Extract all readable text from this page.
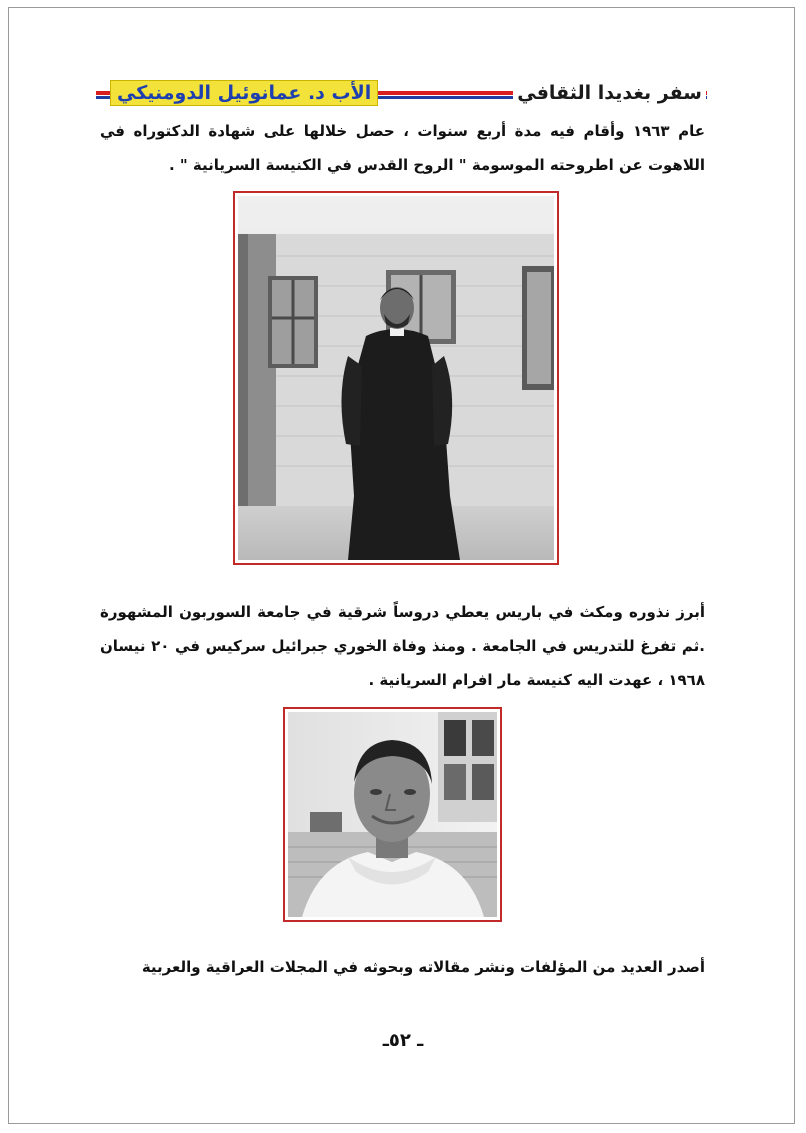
سفر بغديدا الثقافي
الأب د. عمانوئيل الدومنيكي

عام ١٩٦٣ وأقام فيه مدة أربع سنوات ، حصل خلالها على شهادة الدكتوراه في اللاهوت عن اطروحته الموسومة " الروح القدس في الكنيسة السريانية " .

أبرز نذوره ومكث في باريس يعطي دروساً شرقية في جامعة السوربون المشهورة .ثم تفرغ للتدريس في الجامعة . ومنذ وفاة الخوري جبرائيل سركيس في ٢٠ نيسان ١٩٦٨ ، عهدت اليه كنيسة مار افرام السريانية .

أصدر العديد من المؤلفات ونشر مقالاته وبحوثه في المجلات العراقية والعربية

ـ ٥٢ـ
